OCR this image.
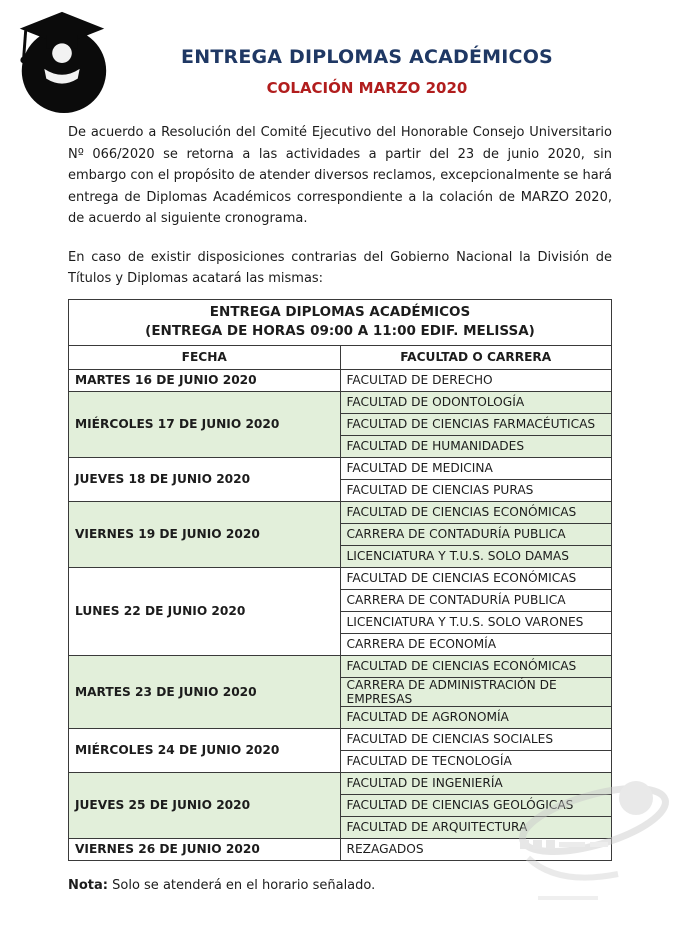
ENTREGA DIPLOMAS ACADÉMICOS
COLACIÓN MARZO 2020

De acuerdo a Resolución del Comité Ejecutivo del Honorable Consejo Universitario Nº 066/2020 se retorna a las actividades a partir del 23 de junio 2020, sin embargo con el propósito de atender diversos reclamos, excepcionalmente se hará entrega de Diplomas Académicos correspondiente a la colación de MARZO 2020, de acuerdo al siguiente cronograma.

En caso de existir disposiciones contrarias del Gobierno Nacional la División de Títulos y Diplomas acatará las mismas:

ENTREGA DIPLOMAS ACADÉMICOS
(ENTREGA DE HORAS 09:00 A 11:00 EDIF. MELISSA)	

FECHA	FACULTAD O CARRERA
MARTES 16 DE JUNIO 2020	FACULTAD DE DERECHO
MIÉRCOLES 17 DE JUNIO 2020	FACULTAD DE ODONTOLOGÍA
	FACULTAD DE CIENCIAS FARMACÉUTICAS
	FACULTAD DE HUMANIDADES
JUEVES 18 DE JUNIO 2020	FACULTAD DE MEDICINA
	FACULTAD DE CIENCIAS PURAS
VIERNES 19 DE JUNIO 2020	FACULTAD DE CIENCIAS ECONÓMICAS
	CARRERA DE CONTADURÍA PUBLICA
	LICENCIATURA Y T.U.S. SOLO DAMAS
LUNES 22 DE JUNIO 2020	FACULTAD DE CIENCIAS ECONÓMICAS
	CARRERA DE CONTADURÍA PUBLICA
	LICENCIATURA Y T.U.S. SOLO VARONES
	CARRERA DE ECONOMÍA
MARTES 23 DE JUNIO 2020	FACULTAD DE CIENCIAS ECONÓMICAS
	CARRERA DE ADMINISTRACIÓN DE EMPRESAS
	FACULTAD DE AGRONOMÍA
MIÉRCOLES 24 DE JUNIO 2020	FACULTAD DE CIENCIAS SOCIALES
	FACULTAD DE TECNOLOGÍA
JUEVES 25 DE JUNIO 2020	FACULTAD DE INGENIERÍA
	FACULTAD DE CIENCIAS GEOLÓGICAS
	FACULTAD DE ARQUITECTURA
VIERNES 26 DE JUNIO 2020	REZAGADOS

Nota: Solo se atenderá en el horario señalado.
